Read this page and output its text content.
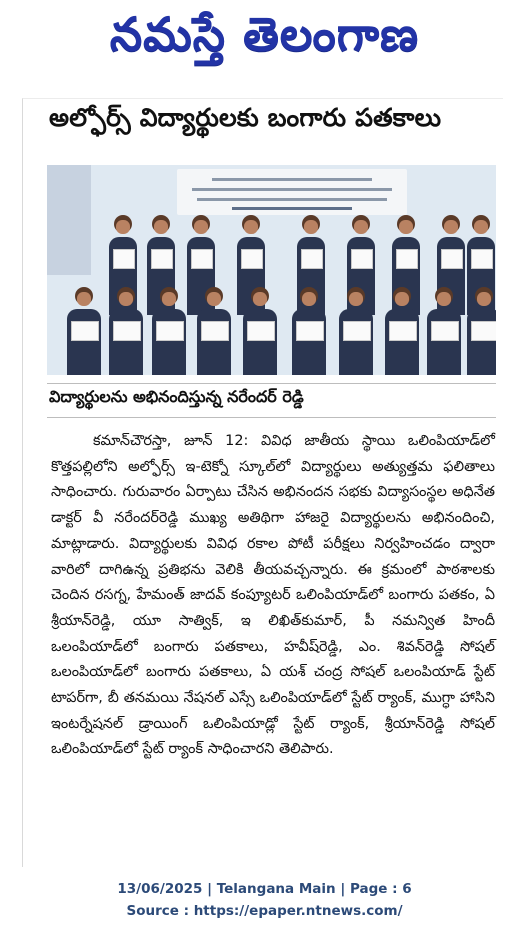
నమస్తే తెలంగాణ
అల్ఫోర్స్ విద్యార్థులకు బంగారు పతకాలు
విద్యార్థులను అభినందిస్తున్న నరేందర్ రెడ్డి
కమాన్‌చౌరస్తా, జూన్ 12: వివిధ జాతీయ స్థాయి ఒలింపియాడ్‌లో కొత్తపల్లిలోని అల్ఫోర్స్ ఇ-టెక్నో స్కూల్‌లో విద్యార్థులు అత్యుత్తమ ఫలితాలు సాధించారు. గురువారం ఏర్పాటు చేసిన అభినందన సభకు విద్యాసంస్థల అధినేత డాక్టర్ వీ నరేందర్‌రెడ్డి ముఖ్య అతిథిగా హాజరై విద్యార్థులను అభినందించి, మాట్లాడారు. విద్యార్థులకు వివిధ రకాల పోటీ పరీక్షలు నిర్వహించడం ద్వారా వారిలో దాగిఉన్న ప్రతిభను వెలికి తీయవచ్చన్నారు. ఈ క్రమంలో పాఠశాలకు చెందిన రసగ్న, హేమంత్ జాదవ్ కంప్యూటర్ ఒలింపియాడ్‌లో బంగారు పతకం, ఏ శ్రీయాన్‌రెడ్డి, యూ సాత్విక్, ఇ లిఖిత్‌కుమార్, పీ నమన్విత హిందీ ఒలంపియాడ్‌లో బంగారు పతకాలు, హవీష్‌రెడ్డి, ఎం. శివన్‌రెడ్డి సోషల్ ఒలంపియాడ్‌లో బంగారు పతకాలు, ఏ యశ్ చంద్ర సోషల్ ఒలంపియాడ్ స్టేట్ టాపర్‌గా, బీ తనమయి నేషనల్ ఎస్సే ఒలింపియాడ్‌లో స్టేట్ ర్యాంక్, ముగ్ధా హాసిని ఇంటర్నేషనల్ డ్రాయింగ్ ఒలింపియాడ్లో స్టేట్ ర్యాంక్, శ్రీయాన్‌రెడ్డి సోషల్ ఒలింపియాడ్‌లో స్టేట్ ర్యాంక్ సాధించారని తెలిపారు.
13/06/2025 | Telangana Main | Page : 6
Source : https://epaper.ntnews.com/
